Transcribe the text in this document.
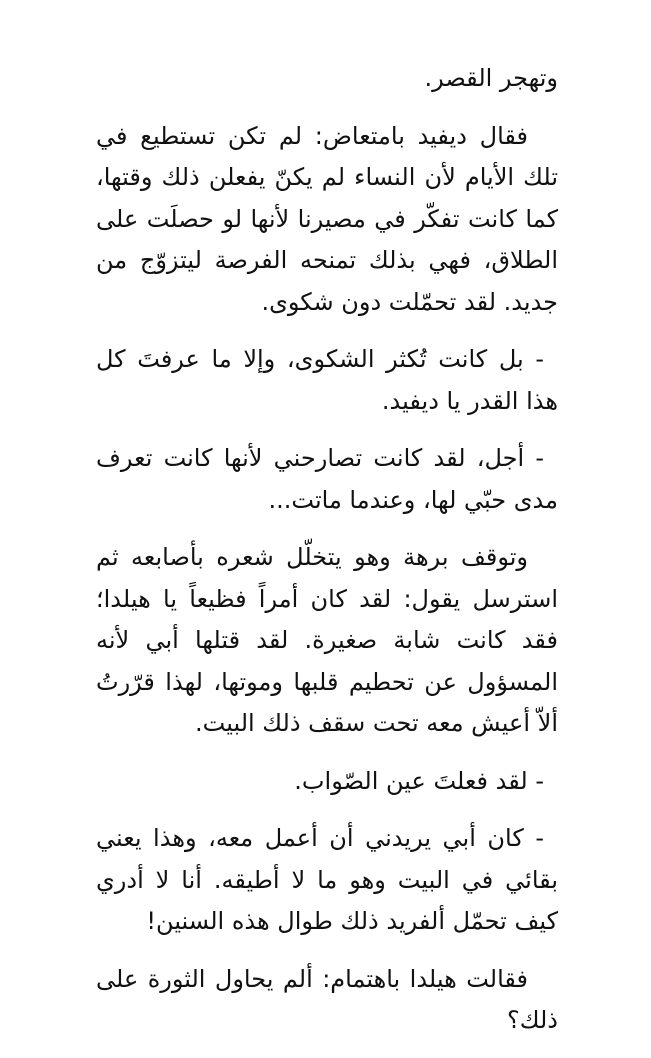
وتهجر القصر.

فقال ديفيد بامتعاض: لم تكن تستطيع في تلك الأيام لأن النساء لم يكنّ يفعلن ذلك وقتها، كما كانت تفكّر في مصيرنا لأنها لو حصلَت على الطلاق، فهي بذلك تمنحه الفرصة ليتزوّج من جديد. لقد تحمّلت دون شكوى.

- بل كانت تُكثر الشكوى، وإلا ما عرفتَ كل هذا القدر يا ديفيد.

- أجل، لقد كانت تصارحني لأنها كانت تعرف مدى حبّي لها، وعندما ماتت...

وتوقف برهة وهو يتخلّل شعره بأصابعه ثم استرسل يقول: لقد كان أمراً فظيعاً يا هيلدا؛ فقد كانت شابة صغيرة. لقد قتلها أبي لأنه المسؤول عن تحطيم قلبها وموتها، لهذا قرّرتُ ألاّ أعيش معه تحت سقف ذلك البيت.

- لقد فعلتَ عين الصّواب.

- كان أبي يريدني أن أعمل معه، وهذا يعني بقائي في البيت وهو ما لا أطيقه. أنا لا أدري كيف تحمّل ألفريد ذلك طوال هذه السنين!

فقالت هيلدا باهتمام: ألم يحاول الثورة على ذلك؟
